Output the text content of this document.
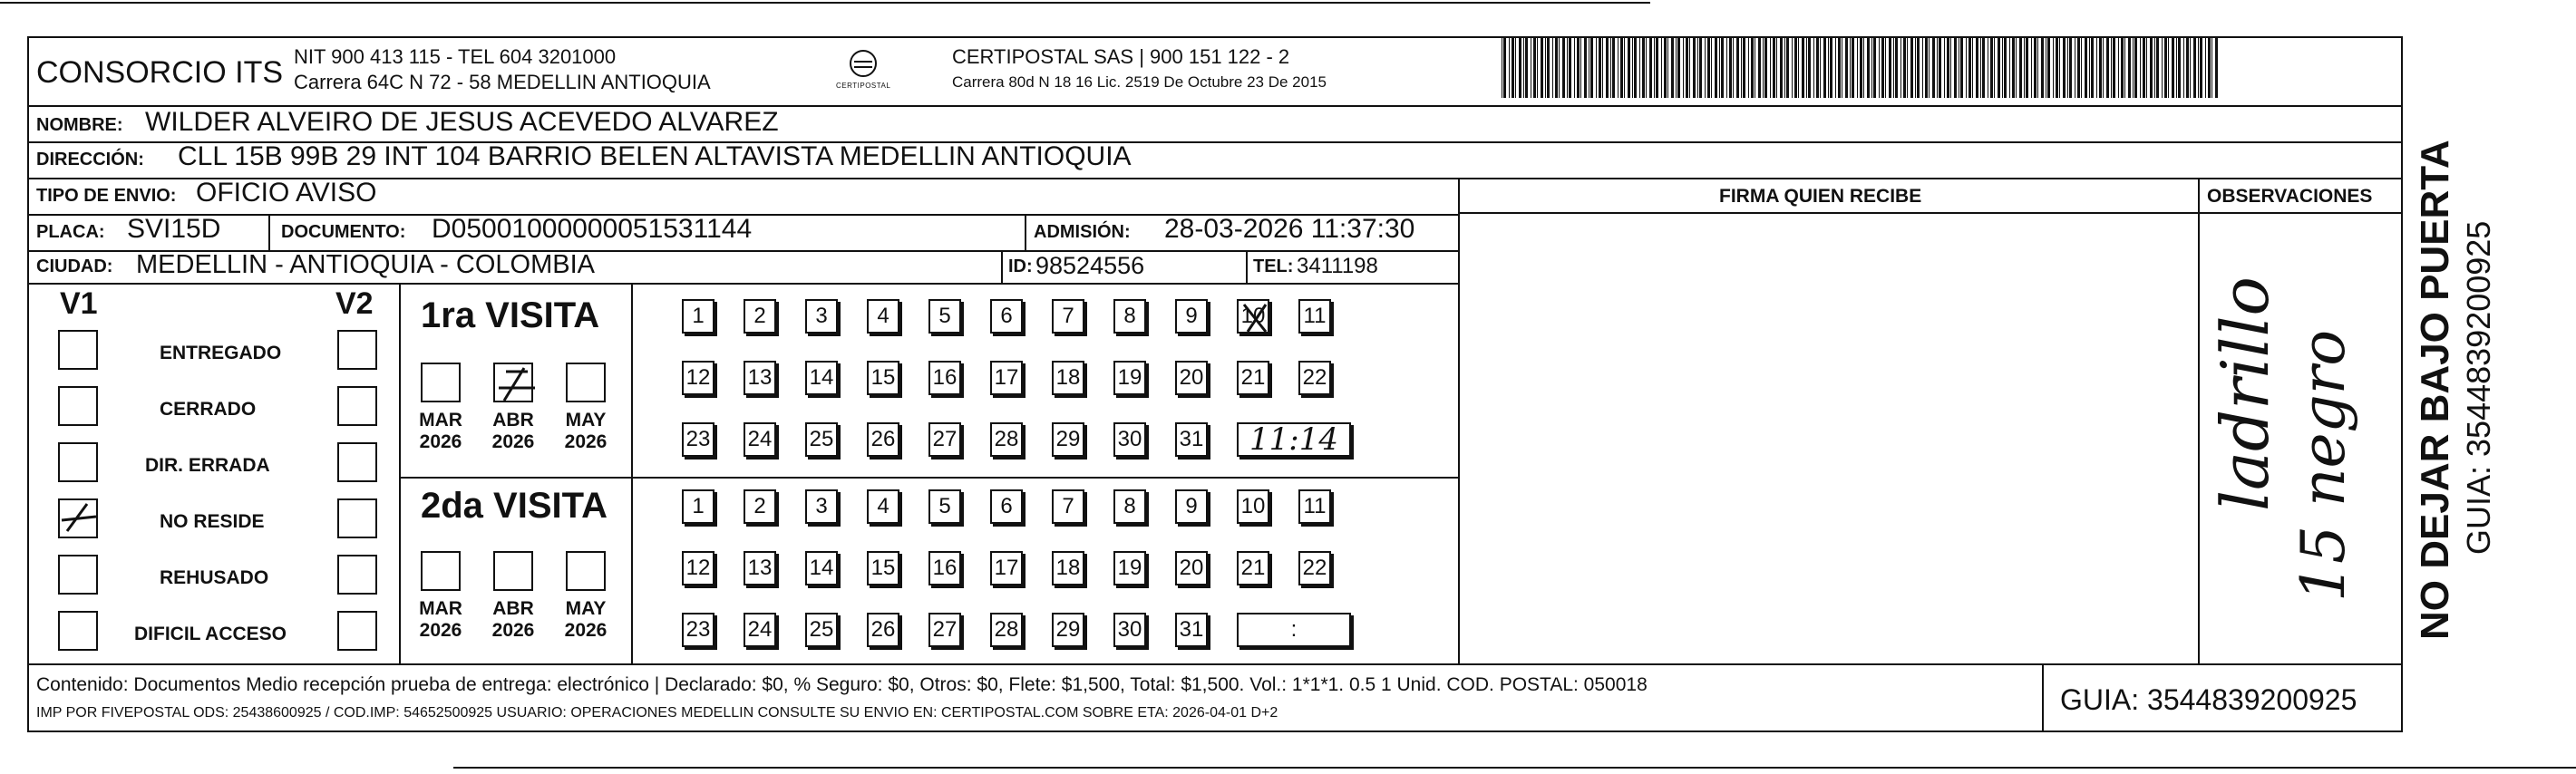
CONSORCIO ITS NIT 900 413 115 - TEL 604 3201000
Carrera 64C N 72 - 58 MEDELLIN ANTIOQUIA	CERTIPOSTAL
CERTIPOSTAL SAS | 900 151 122 - 2
Carrera 80d N 18 16 Lic. 2519 De Octubre 23 De 2015
NOMBRE: WILDER ALVEIRO DE JESUS ACEVEDO ALVAREZ
DIRECCIÓN: CLL 15B 99B 29 INT 104 BARRIO BELEN ALTAVISTA MEDELLIN ANTIOQUIA
FIRMA QUIEN RECIBE	OBSERVACIONES
TIPO DE ENVIO: OFICIO AVISO
PLACA: SVI15D	DOCUMENTO: D05001000000051531144	ADMISIÓN: 28-03-2026 11:37:30
CIUDAD: MEDELLIN - ANTIOQUIA - COLOMBIA	ID: 98524556	TEL: 3411198
V1	V2
ENTREGADO
CERRADO
DIR. ERRADA
NO RESIDE
REHUSADO
DIFICIL ACCESO
1ra VISITA
2da VISITA
MAR
2026
ABR
2026
MAY
2026
MAR
2026
ABR
2026
MAY
2026
1	2	3	4	5	6	7	8	9	10 11
12 13 14 15 16 17 18 19 20 21 22
23 24 25 26 27 28 29 30 31	11:14
1	2	3	4	5	6	7	8	9	10 11
12 13 14 15 16 17 18 19 20 21 22
23 24 25 26 27 28 29 30 31	:
ladrillo 15 negro
Contenido: Documentos Medio recepción prueba de entrega: electrónico | Declarado: $0, % Seguro: $0, Otros: $0, Flete: $1,500, Total: $1,500. Vol.: 1*1*1. 0.5 1 Unid. COD. POSTAL: 050018
IMP POR FIVEPOSTAL ODS: 25438600925 / COD.IMP: 54652500925 USUARIO: OPERACIONES MEDELLIN CONSULTE SU ENVIO EN: CERTIPOSTAL.COM SOBRE ETA: 2026-04-01 D+2	GUIA: 3544839200925
NO DEJAR BAJO PUERTA GUIA: 3544839200925
